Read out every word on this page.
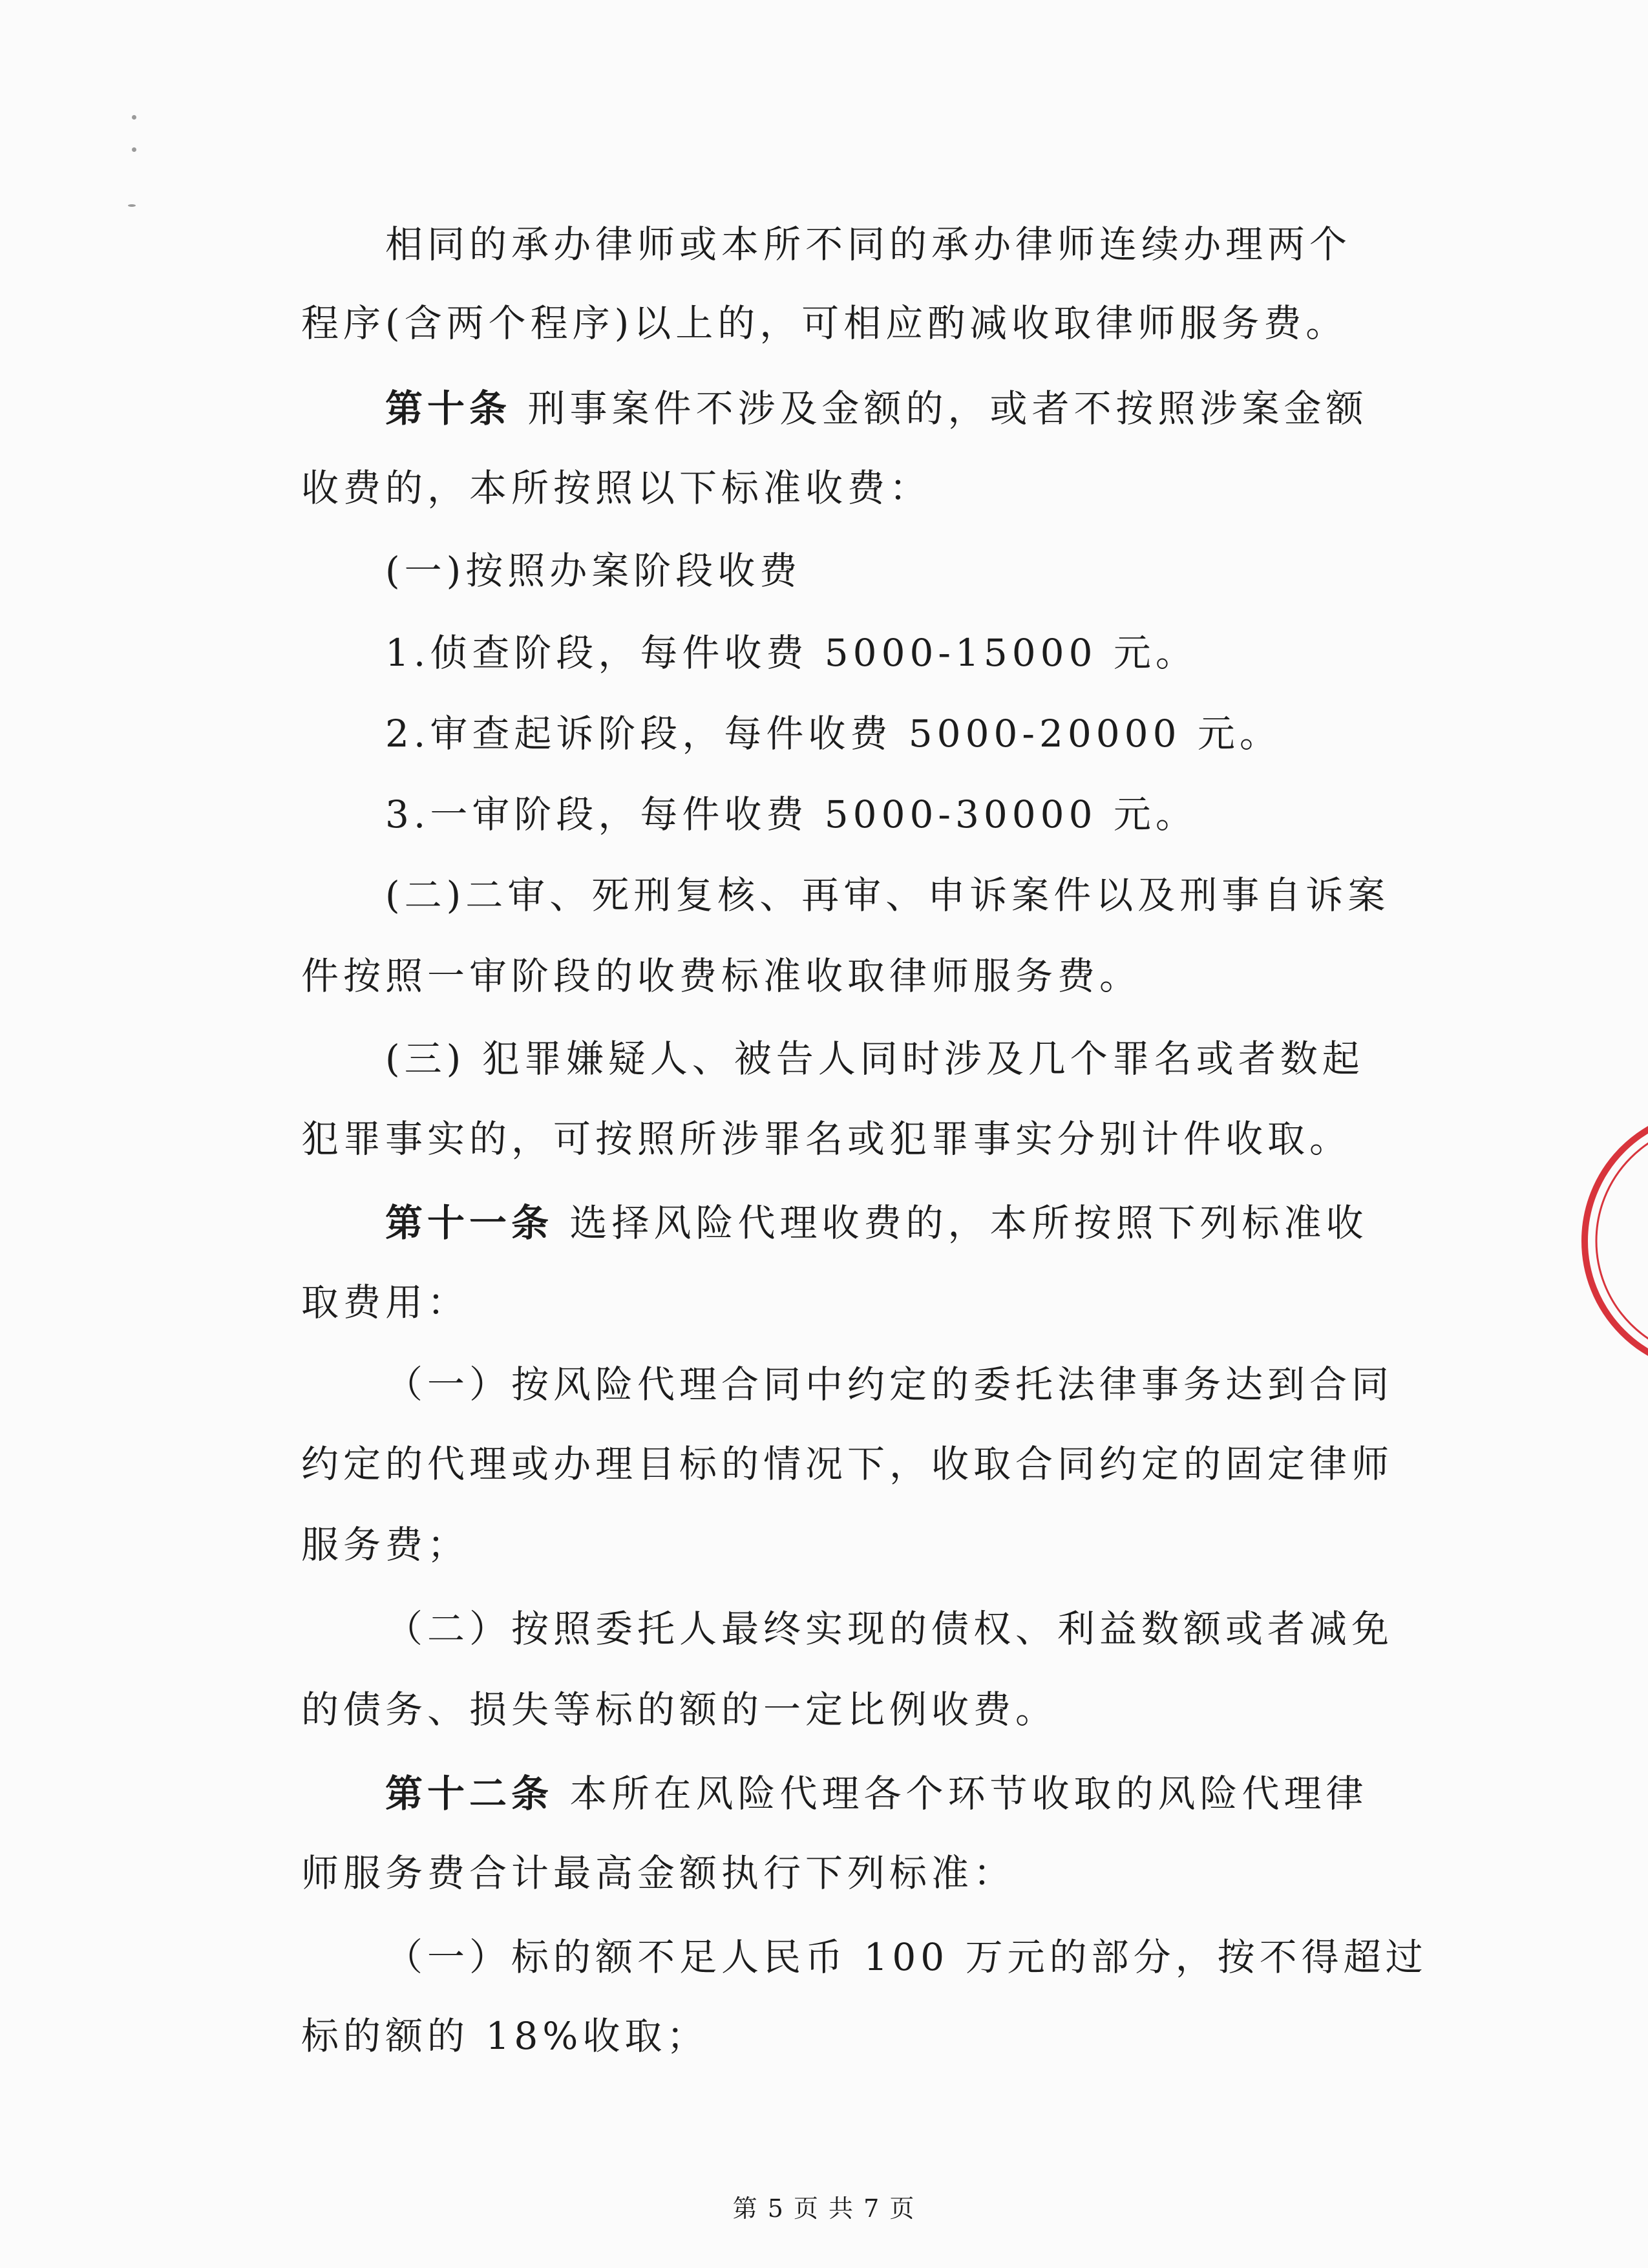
相同的承办律师或本所不同的承办律师连续办理两个
程序(含两个程序)以上的，可相应酌减收取律师服务费。
第十条 刑事案件不涉及金额的，或者不按照涉案金额
收费的，本所按照以下标准收费：
(一)按照办案阶段收费
1.侦查阶段，每件收费 5000-15000 元。
2.审查起诉阶段，每件收费 5000-20000 元。
3.一审阶段，每件收费 5000-30000 元。
(二)二审、死刑复核、再审、申诉案件以及刑事自诉案
件按照一审阶段的收费标准收取律师服务费。
(三) 犯罪嫌疑人、被告人同时涉及几个罪名或者数起
犯罪事实的，可按照所涉罪名或犯罪事实分别计件收取。
第十一条 选择风险代理收费的，本所按照下列标准收
取费用：
（一）按风险代理合同中约定的委托法律事务达到合同
约定的代理或办理目标的情况下，收取合同约定的固定律师
服务费；
（二）按照委托人最终实现的债权、利益数额或者减免
的债务、损失等标的额的一定比例收费。
第十二条 本所在风险代理各个环节收取的风险代理律
师服务费合计最高金额执行下列标准：
（一）标的额不足人民币 100 万元的部分，按不得超过
标的额的 18%收取；
第 5 页 共 7 页
